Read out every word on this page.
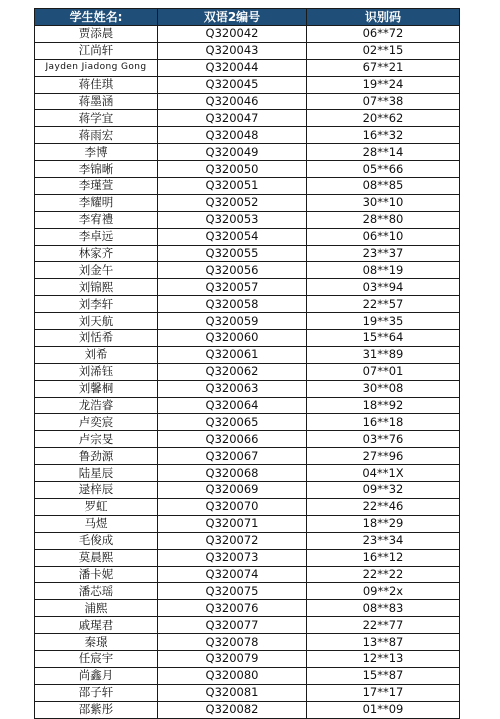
学生姓名:	双语2编号	识别码
贾添晨	Q320042	06**72
江尚轩	Q320043	02**15
Jayden Jiadong Gong	Q320044	67**21
蒋佳琪	Q320045	19**24
蒋墨涵	Q320046	07**38
蒋学宜	Q320047	20**62
蒋雨宏	Q320048	16**32
李博	Q320049	28**14
李锦晰	Q320050	05**66
李瑾萱	Q320051	08**85
李耀明	Q320052	30**10
李宥禮	Q320053	28**80
李卓远	Q320054	06**10
林家齐	Q320055	23**37
刘金午	Q320056	08**19
刘锦熙	Q320057	03**94
刘李轩	Q320058	22**57
刘天航	Q320059	19**35
刘恬希	Q320060	15**64
刘希	Q320061	31**89
刘浠钰	Q320062	07**01
刘馨桐	Q320063	30**08
龙浩睿	Q320064	18**92
卢奕宸	Q320065	16**18
卢宗旻	Q320066	03**76
鲁劲源	Q320067	27**96
陆星辰	Q320068	04**1X
逯梓辰	Q320069	09**32
罗虹	Q320070	22**46
马煜	Q320071	18**29
毛俊成	Q320072	23**34
莫晨熙	Q320073	16**12
潘卡妮	Q320074	22**22
潘芯瑶	Q320075	09**2x
浦熙	Q320076	08**83
戚瑆君	Q320077	22**77
秦璟	Q320078	13**87
任宸宇	Q320079	12**13
尚鑫月	Q320080	15**87
邵子轩	Q320081	17**17
邵紫彤	Q320082	01**09
